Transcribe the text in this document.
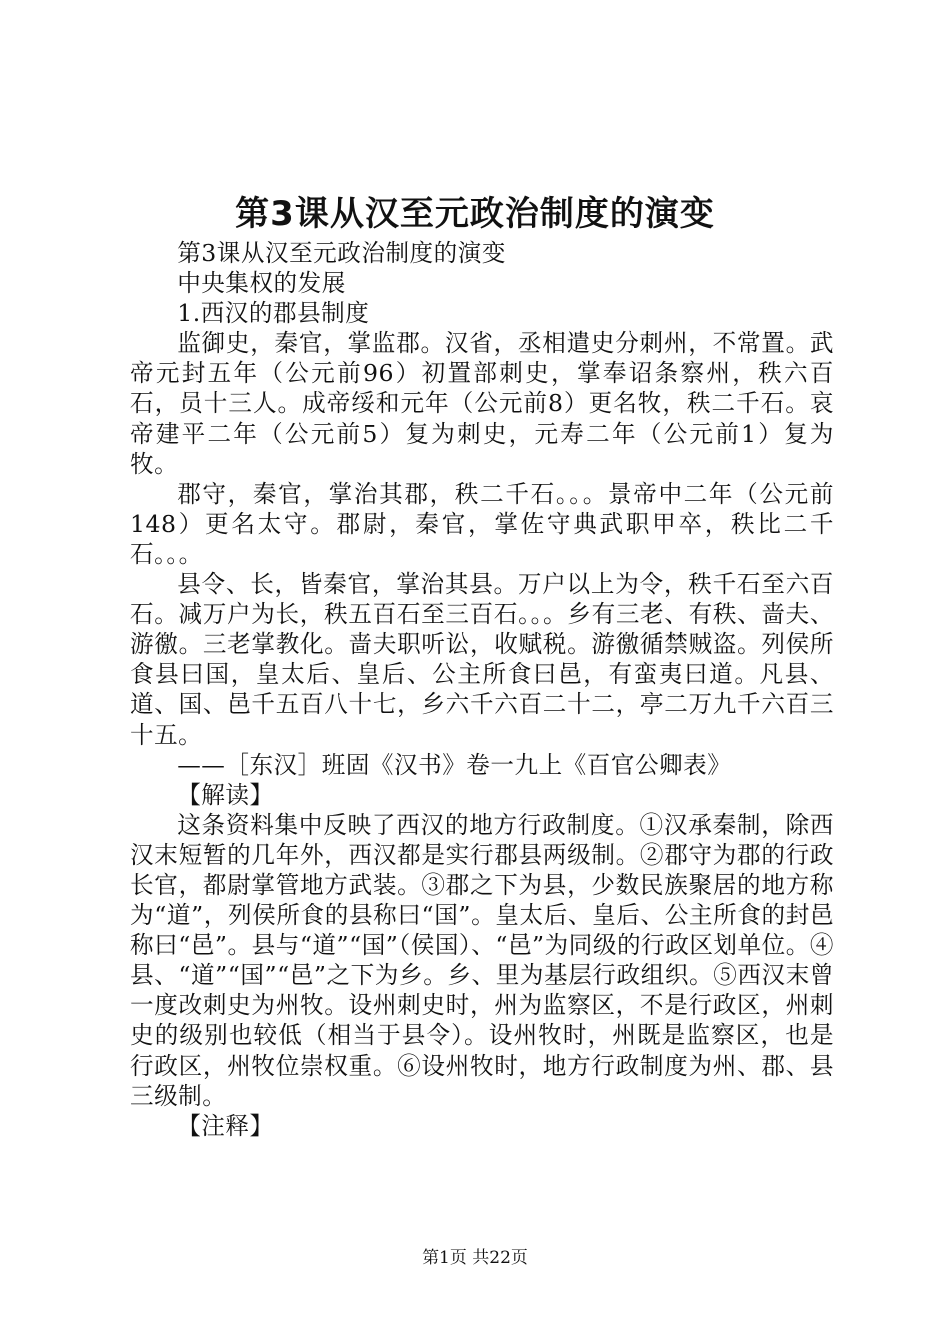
第3课从汉至元政治制度的演变

第3课从汉至元政治制度的演变

中央集权的发展

1.西汉的郡县制度

监御史，秦官，掌监郡。汉省，丞相遣史分刺州，不常置。武帝元封五年（公元前96）初置部刺史，掌奉诏条察州，秩六百石，员十三人。成帝绥和元年（公元前8）更名牧，秩二千石。哀帝建平二年（公元前5）复为刺史，元寿二年（公元前1）复为牧。

郡守，秦官，掌治其郡，秩二千石。。。景帝中二年（公元前148）更名太守。郡尉，秦官，掌佐守典武职甲卒，秩比二千石。。。

县令、长，皆秦官，掌治其县。万户以上为令，秩千石至六百石。减万户为长，秩五百石至三百石。。。乡有三老、有秩、啬夫、游徼。三老掌教化。啬夫职听讼，收赋税。游徼循禁贼盗。列侯所食县曰国，皇太后、皇后、公主所食曰邑，有蛮夷曰道。凡县、道、国、邑千五百八十七，乡六千六百二十二，亭二万九千六百三十五。

——［东汉］班固《汉书》卷一九上《百官公卿表》

【解读】

这条资料集中反映了西汉的地方行政制度。①汉承秦制，除西汉末短暂的几年外，西汉都是实行郡县两级制。②郡守为郡的行政长官，都尉掌管地方武装。③郡之下为县，少数民族聚居的地方称为“道”，列侯所食的县称曰“国”。皇太后、皇后、公主所食的封邑称曰“邑”。县与“道”“国”（侯国）、“邑”为同级的行政区划单位。④县、“道”“国”“邑”之下为乡。乡、里为基层行政组织。⑤西汉末曾一度改刺史为州牧。设州刺史时，州为监察区，不是行政区，州刺史的级别也较低（相当于县令）。设州牧时，州既是监察区，也是行政区，州牧位崇权重。⑥设州牧时，地方行政制度为州、郡、县三级制。

【注释】

第1页 共22页
